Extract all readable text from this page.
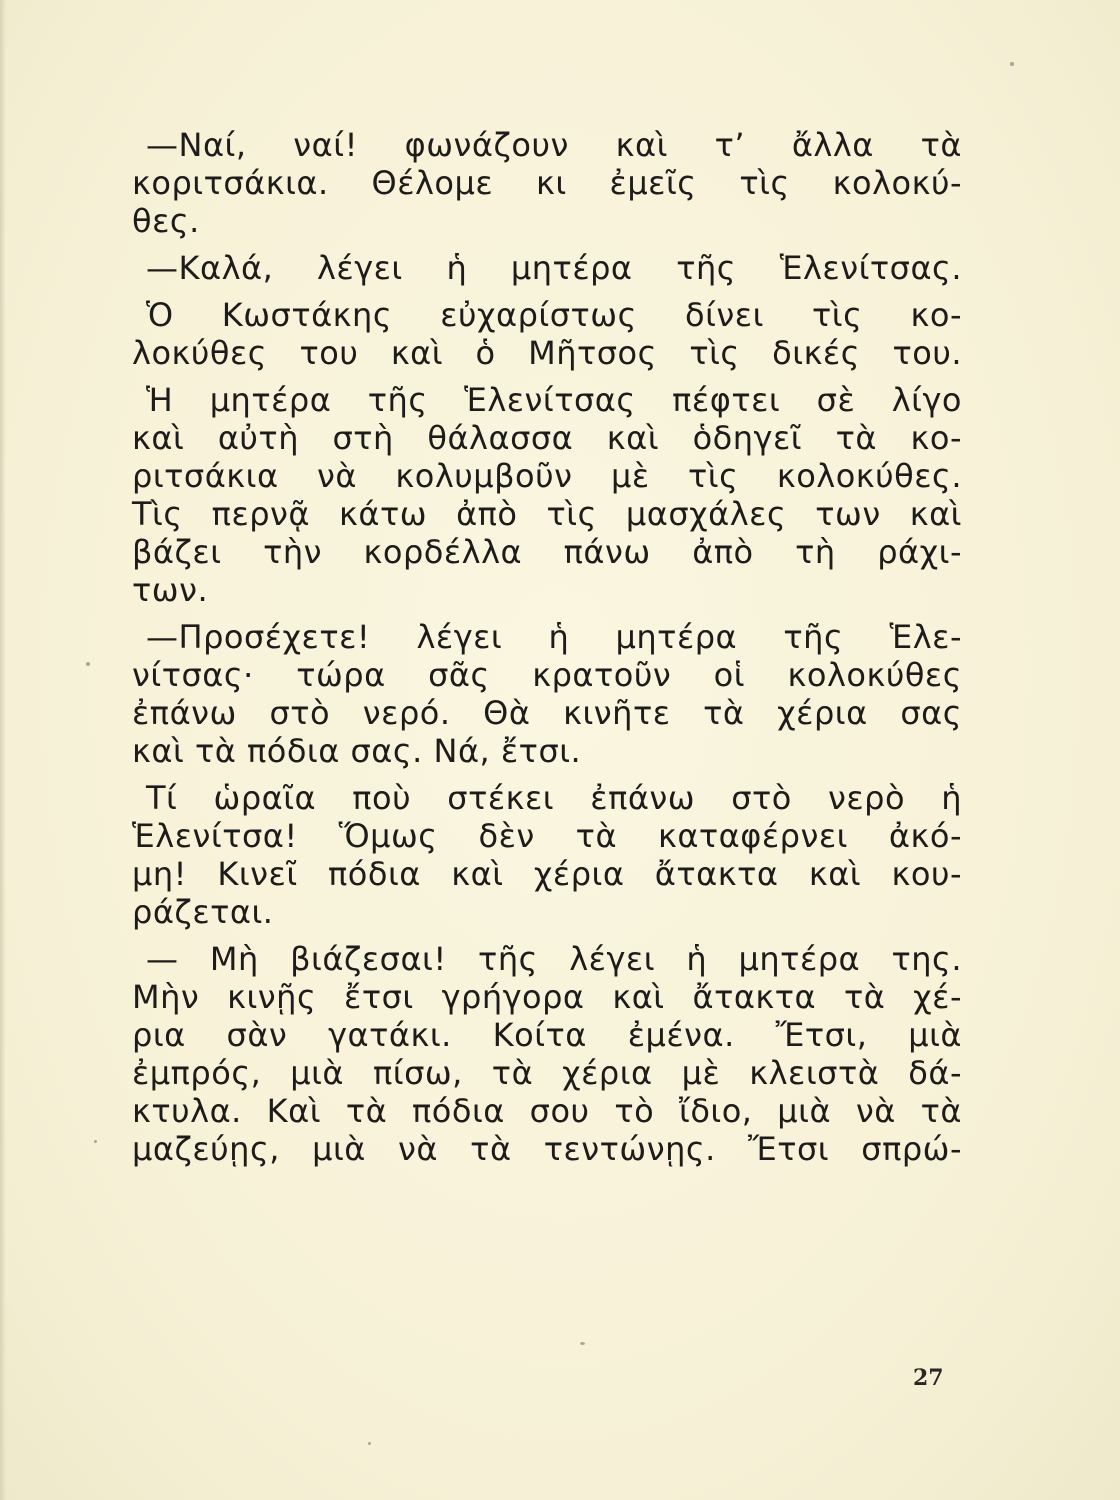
—Ναί, ναί! φωνάζουν καὶ τ’ ἄλλα τὰ
κοριτσάκια. Θέλομε κι ἐμεῖς τὶς κολοκύ-
θες.
—Καλά, λέγει ἡ μητέρα τῆς Ἑλενίτσας.
Ὁ Κωστάκης εὐχαρίστως δίνει τὶς κο-
λοκύθες του καὶ ὁ Μῆτσος τὶς δικές του.
Ἡ μητέρα τῆς Ἑλενίτσας πέφτει σὲ λίγο
καὶ αὐτὴ στὴ θάλασσα καὶ ὁδηγεῖ τὰ κο-
ριτσάκια νὰ κολυμβοῦν μὲ τὶς κολοκύθες.
Τὶς περνᾷ κάτω ἀπὸ τὶς μασχάλες των καὶ
βάζει τὴν κορδέλλα πάνω ἀπὸ τὴ ράχι-
των.
—Προσέχετε! λέγει ἡ μητέρα τῆς Ἑλε-
νίτσας· τώρα σᾶς κρατοῦν οἱ κολοκύθες
ἐπάνω στὸ νερό. Θὰ κινῆτε τὰ χέρια σας
καὶ τὰ πόδια σας. Νά, ἔτσι.
Τί ὡραῖα ποὺ στέκει ἐπάνω στὸ νερὸ ἡ
Ἑλενίτσα! Ὅμως δὲν τὰ καταφέρνει ἀκό-
μη! Κινεῖ πόδια καὶ χέρια ἄτακτα καὶ κου-
ράζεται.
— Μὴ βιάζεσαι! τῆς λέγει ἡ μητέρα της.
Μὴν κινῇς ἔτσι γρήγορα καὶ ἄτακτα τὰ χέ-
ρια σὰν γατάκι. Κοίτα ἐμένα. Ἔτσι, μιὰ
ἐμπρός, μιὰ πίσω, τὰ χέρια μὲ κλειστὰ δά-
κτυλα. Καὶ τὰ πόδια σου τὸ ἴδιο, μιὰ νὰ τὰ
μαζεύῃς, μιὰ νὰ τὰ τεντώνῃς. Ἔτσι σπρώ-
27
